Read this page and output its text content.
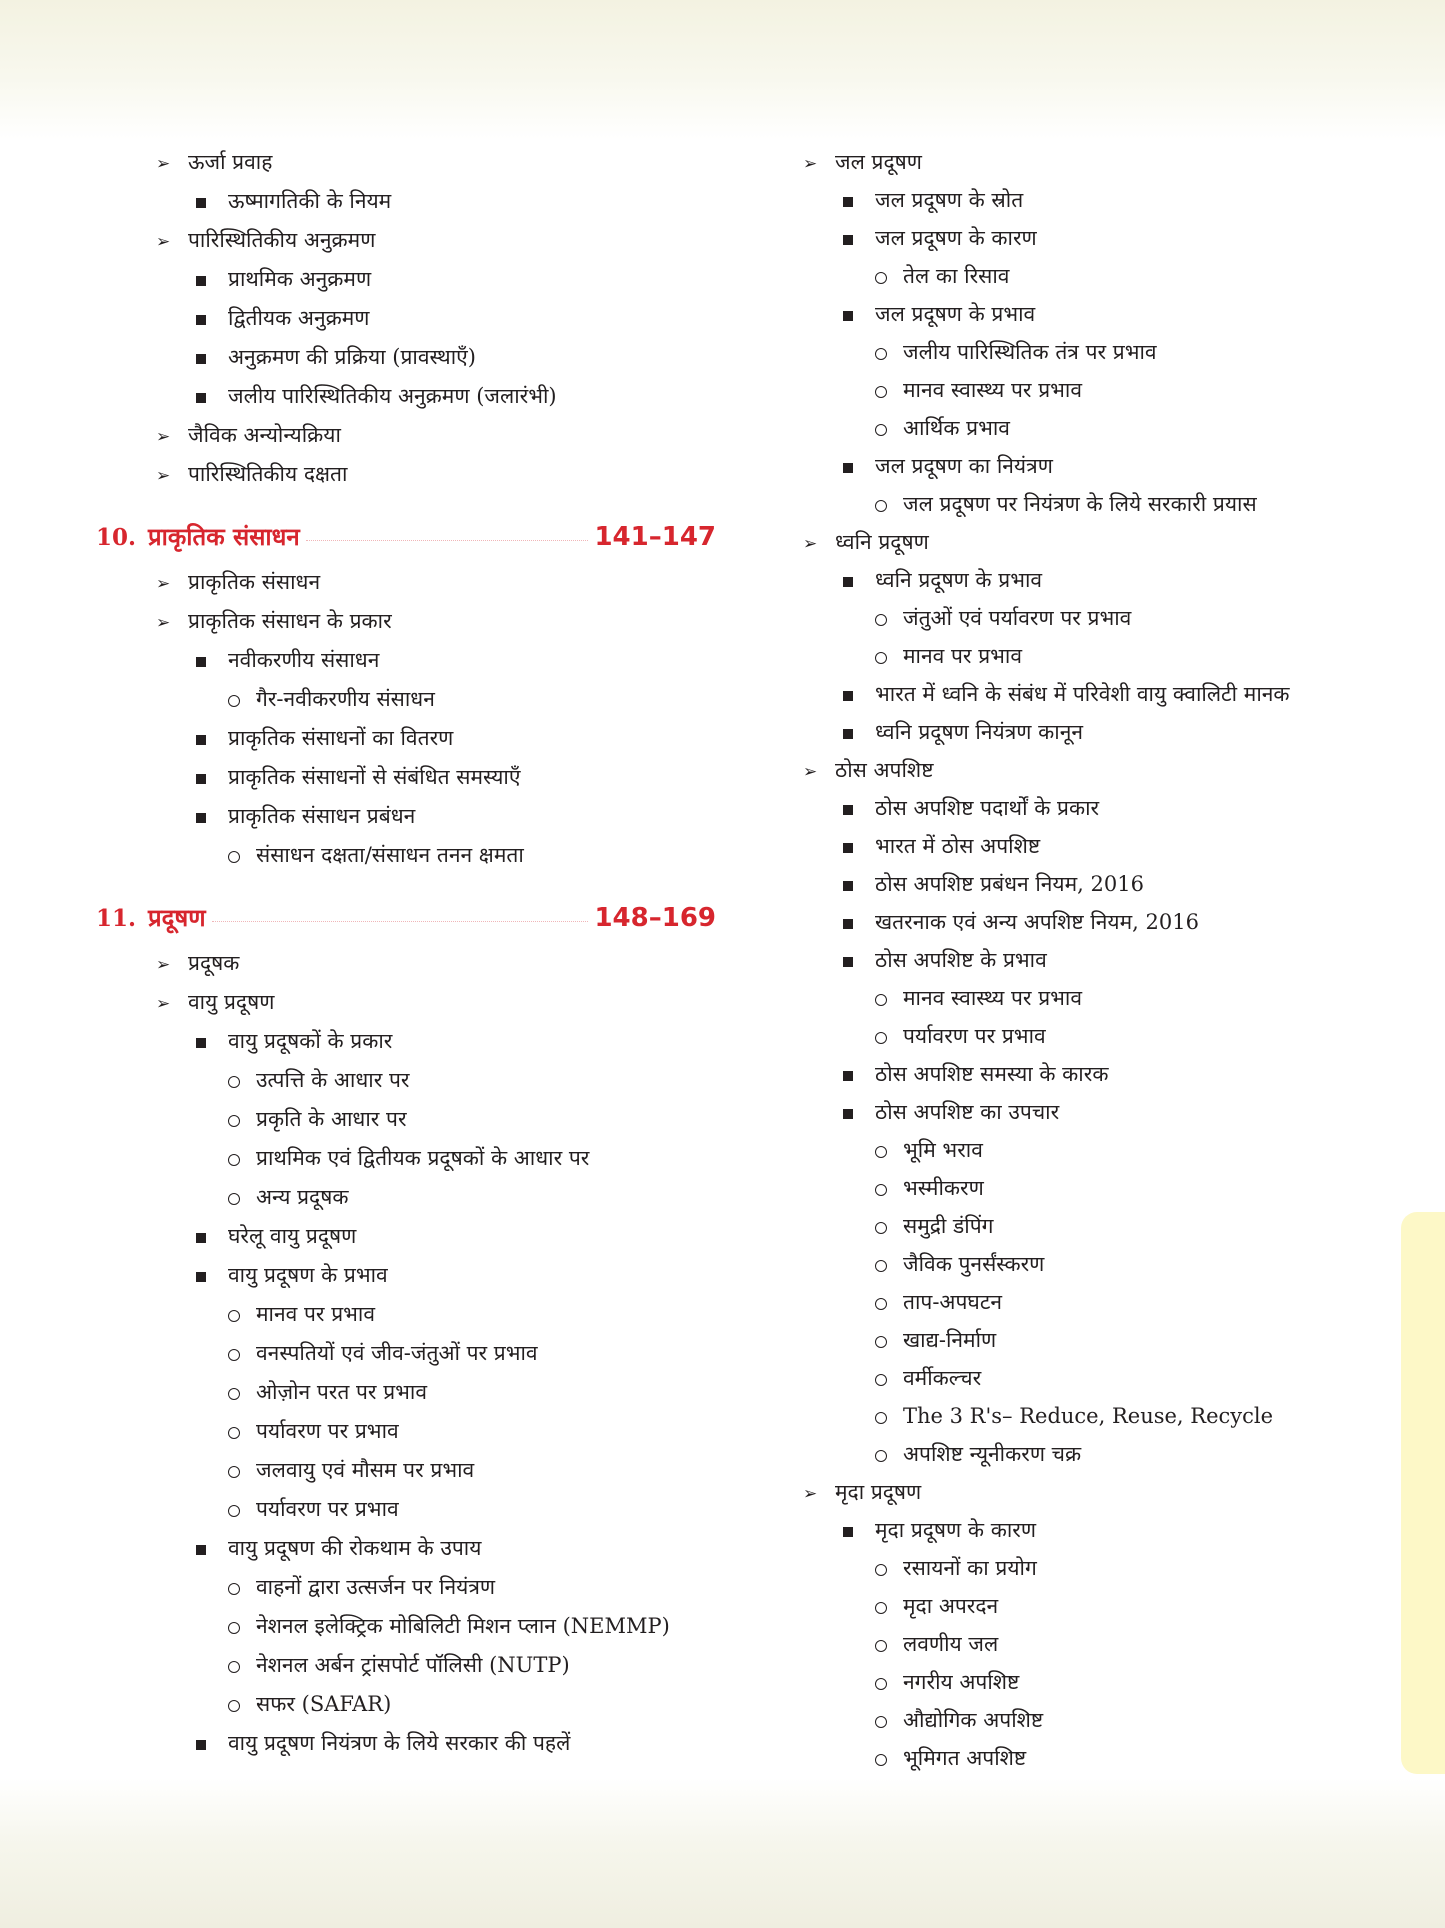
➢ ऊर्जा प्रवाह
ऊष्मागतिकी के नियम
➢ पारिस्थितिकीय अनुक्रमण
प्राथमिक अनुक्रमण
द्वितीयक अनुक्रमण
अनुक्रमण की प्रक्रिया (प्रावस्थाएँ)
जलीय पारिस्थितिकीय अनुक्रमण (जलारंभी)
➢ जैविक अन्योन्यक्रिया
➢ पारिस्थितिकीय दक्षता
10. प्राकृतिक संसाधन	141–147
➢ प्राकृतिक संसाधन
➢ प्राकृतिक संसाधन के प्रकार
नवीकरणीय संसाधन
गैर-नवीकरणीय संसाधन
प्राकृतिक संसाधनों का वितरण
प्राकृतिक संसाधनों से संबंधित समस्याएँ
प्राकृतिक संसाधन प्रबंधन
संसाधन दक्षता/संसाधन तनन क्षमता
11. प्रदूषण	148–169
➢ प्रदूषक
➢ वायु प्रदूषण
वायु प्रदूषकों के प्रकार
उत्पत्ति के आधार पर
प्रकृति के आधार पर
प्राथमिक एवं द्वितीयक प्रदूषकों के आधार पर
अन्य प्रदूषक
घरेलू वायु प्रदूषण
वायु प्रदूषण के प्रभाव
मानव पर प्रभाव
वनस्पतियों एवं जीव-जंतुओं पर प्रभाव
ओज़ोन परत पर प्रभाव
पर्यावरण पर प्रभाव
जलवायु एवं मौसम पर प्रभाव
पर्यावरण पर प्रभाव
वायु प्रदूषण की रोकथाम के उपाय
वाहनों द्वारा उत्सर्जन पर नियंत्रण
नेशनल इलेक्ट्रिक मोबिलिटी मिशन प्लान (NEMMP)
नेशनल अर्बन ट्रांसपोर्ट पॉलिसी (NUTP)
सफर (SAFAR)
वायु प्रदूषण नियंत्रण के लिये सरकार की पहलें
➢ जल प्रदूषण
जल प्रदूषण के स्रोत
जल प्रदूषण के कारण
तेल का रिसाव
जल प्रदूषण के प्रभाव
जलीय पारिस्थितिक तंत्र पर प्रभाव
मानव स्वास्थ्य पर प्रभाव
आर्थिक प्रभाव
जल प्रदूषण का नियंत्रण
जल प्रदूषण पर नियंत्रण के लिये सरकारी प्रयास
➢ ध्वनि प्रदूषण
ध्वनि प्रदूषण के प्रभाव
जंतुओं एवं पर्यावरण पर प्रभाव
मानव पर प्रभाव
भारत में ध्वनि के संबंध में परिवेशी वायु क्वालिटी मानक
ध्वनि प्रदूषण नियंत्रण कानून
➢ ठोस अपशिष्ट
ठोस अपशिष्ट पदार्थों के प्रकार
भारत में ठोस अपशिष्ट
ठोस अपशिष्ट प्रबंधन नियम, 2016
खतरनाक एवं अन्य अपशिष्ट नियम, 2016
ठोस अपशिष्ट के प्रभाव
मानव स्वास्थ्य पर प्रभाव
पर्यावरण पर प्रभाव
ठोस अपशिष्ट समस्या के कारक
ठोस अपशिष्ट का उपचार
भूमि भराव
भस्मीकरण
समुद्री डंपिंग
जैविक पुनर्संस्करण
ताप-अपघटन
खाद्य-निर्माण
वर्मीकल्चर
The 3 R's– Reduce, Reuse, Recycle
अपशिष्ट न्यूनीकरण चक्र
➢ मृदा प्रदूषण
मृदा प्रदूषण के कारण
रसायनों का प्रयोग
मृदा अपरदन
लवणीय जल
नगरीय अपशिष्ट
औद्योगिक अपशिष्ट
भूमिगत अपशिष्ट
